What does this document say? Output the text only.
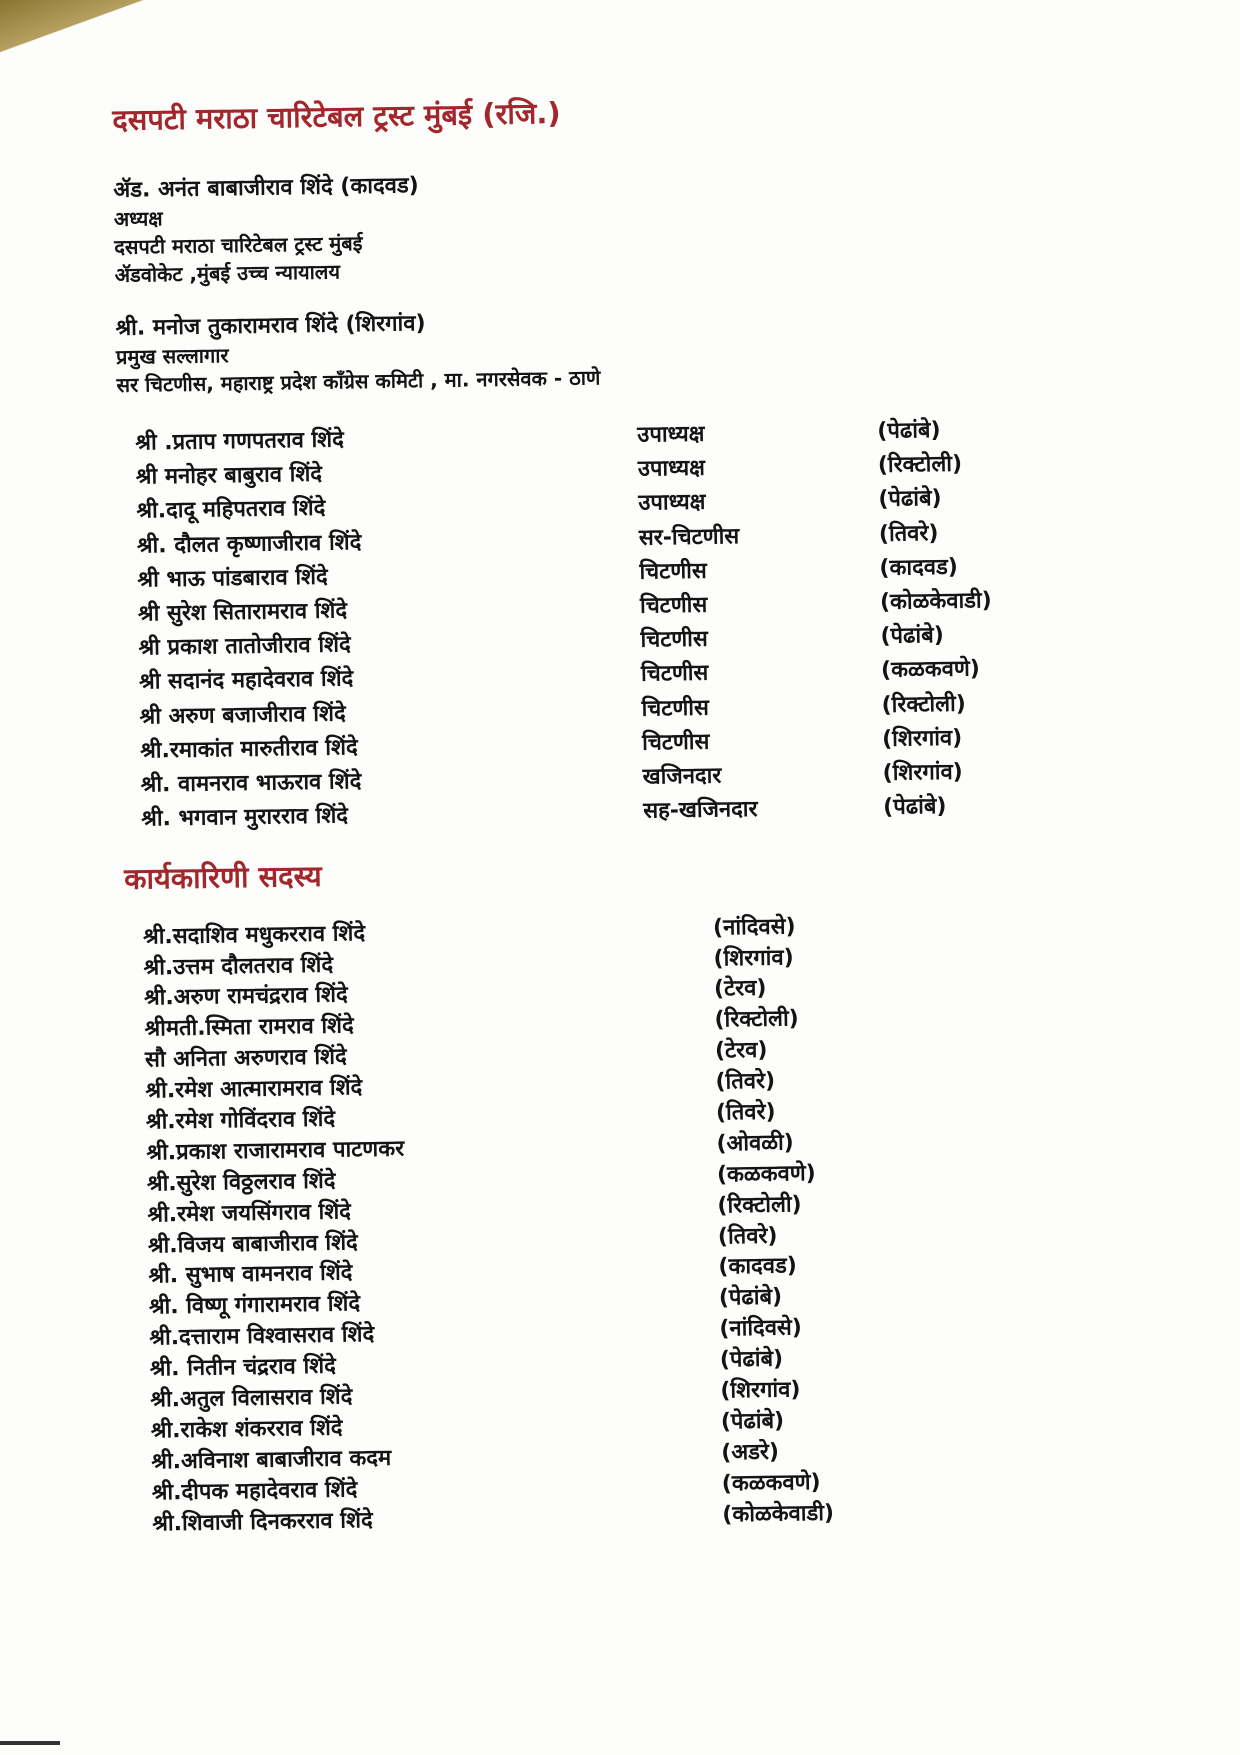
दसपटी मराठा चारिटेबल ट्रस्ट मुंबई (रजि.)
ॲड. अनंत बाबाजीराव शिंदे (कादवड)
अध्यक्ष
दसपटी मराठा चारिटेबल ट्रस्ट मुंबई
ॲडवोकेट ,मुंबई उच्च न्यायालय
श्री. मनोज तुकारामराव शिंदे (शिरगांव)
प्रमुख सल्लागार
सर चिटणीस, महाराष्ट्र प्रदेश काँग्रेस कमिटी , मा. नगरसेवक - ठाणे
श्री .प्रताप गणपतराव शिंदे	उपाध्यक्ष	(पेढांबे)
श्री मनोहर बाबुराव शिंदे	उपाध्यक्ष	(रिक्टोली)
श्री.दादू महिपतराव शिंदे	उपाध्यक्ष	(पेढांबे)
श्री. दौलत कृष्णाजीराव शिंदे	सर-चिटणीस	(तिवरे)
श्री भाऊ पांडबाराव शिंदे	चिटणीस	(कादवड)
श्री सुरेश सितारामराव शिंदे	चिटणीस	(कोळकेवाडी)
श्री प्रकाश तातोजीराव शिंदे	चिटणीस	(पेढांबे)
श्री सदानंद महादेवराव शिंदे	चिटणीस	(कळकवणे)
श्री अरुण बजाजीराव शिंदे	चिटणीस	(रिक्टोली)
श्री.रमाकांत मारुतीराव शिंदे	चिटणीस	(शिरगांव)
श्री. वामनराव भाऊराव शिंदे	खजिनदार	(शिरगांव)
श्री. भगवान मुरारराव शिंदे	सह-खजिनदार	(पेढांबे)
कार्यकारिणी सदस्य
श्री.सदाशिव मधुकरराव शिंदे	(नांदिवसे)
श्री.उत्तम दौलतराव शिंदे	(शिरगांव)
श्री.अरुण रामचंद्रराव शिंदे	(टेरव)
श्रीमती.स्मिता रामराव शिंदे	(रिक्टोली)
सौ अनिता अरुणराव शिंदे	(टेरव)
श्री.रमेश आत्मारामराव शिंदे	(तिवरे)
श्री.रमेश गोविंदराव शिंदे	(तिवरे)
श्री.प्रकाश राजारामराव पाटणकर	(ओवळी)
श्री.सुरेश विठ्ठलराव शिंदे	(कळकवणे)
श्री.रमेश जयसिंगराव शिंदे	(रिक्टोली)
श्री.विजय बाबाजीराव शिंदे	(तिवरे)
श्री. सुभाष वामनराव शिंदे	(कादवड)
श्री. विष्णू गंगारामराव शिंदे	(पेढांबे)
श्री.दत्ताराम विश्वासराव शिंदे	(नांदिवसे)
श्री. नितीन चंद्रराव शिंदे	(पेढांबे)
श्री.अतुल विलासराव शिंदे	(शिरगांव)
श्री.राकेश शंकरराव शिंदे	(पेढांबे)
श्री.अविनाश बाबाजीराव कदम	(अडरे)
श्री.दीपक महादेवराव शिंदे	(कळकवणे)
श्री.शिवाजी दिनकरराव शिंदे	(कोळकेवाडी)
